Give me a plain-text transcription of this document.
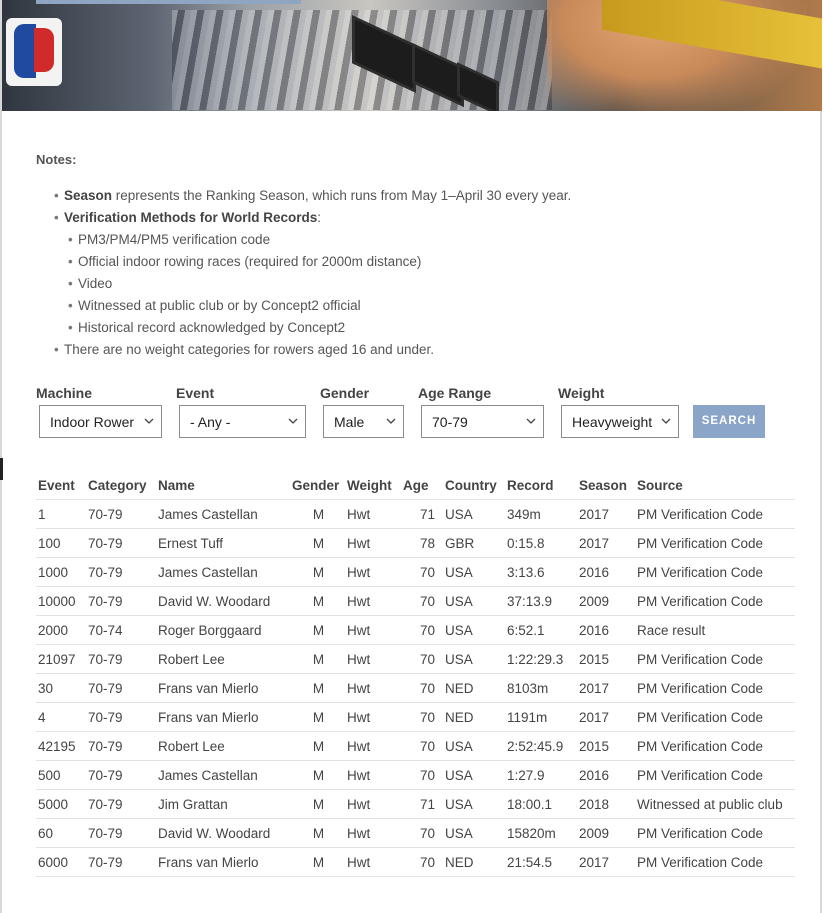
Notes:
• Season represents the Ranking Season, which runs from May 1–April 30 every year.
• Verification Methods for World Records:
• PM3/PM4/PM5 verification code
• Official indoor rowing races (required for 2000m distance)
• Video
• Witnessed at public club or by Concept2 official
• Historical record acknowledged by Concept2
• There are no weight categories for rowers aged 16 and under.
Machine	Event	Gender	Age Range	Weight
Indoor Rower	- Any -	Male	70-79	Heavyweight	SEARCH
Event	Category	Name	Gender	Weight	Age	Country	Record	Season	Source
1	70-79	James Castellan	M	Hwt	71	USA	349m	2017	PM Verification Code
100	70-79	Ernest Tuff	M	Hwt	78	GBR	0:15.8	2017	PM Verification Code
1000	70-79	James Castellan	M	Hwt	70	USA	3:13.6	2016	PM Verification Code
10000	70-79	David W. Woodard	M	Hwt	70	USA	37:13.9	2009	PM Verification Code
2000	70-74	Roger Borggaard	M	Hwt	70	USA	6:52.1	2016	Race result
21097	70-79	Robert Lee	M	Hwt	70	USA	1:22:29.3	2015	PM Verification Code
30	70-79	Frans van Mierlo	M	Hwt	70	NED	8103m	2017	PM Verification Code
4	70-79	Frans van Mierlo	M	Hwt	70	NED	1191m	2017	PM Verification Code
42195	70-79	Robert Lee	M	Hwt	70	USA	2:52:45.9	2015	PM Verification Code
500	70-79	James Castellan	M	Hwt	70	USA	1:27.9	2016	PM Verification Code
5000	70-79	Jim Grattan	M	Hwt	71	USA	18:00.1	2018	Witnessed at public club
60	70-79	David W. Woodard	M	Hwt	70	USA	15820m	2009	PM Verification Code
6000	70-79	Frans van Mierlo	M	Hwt	70	NED	21:54.5	2017	PM Verification Code
